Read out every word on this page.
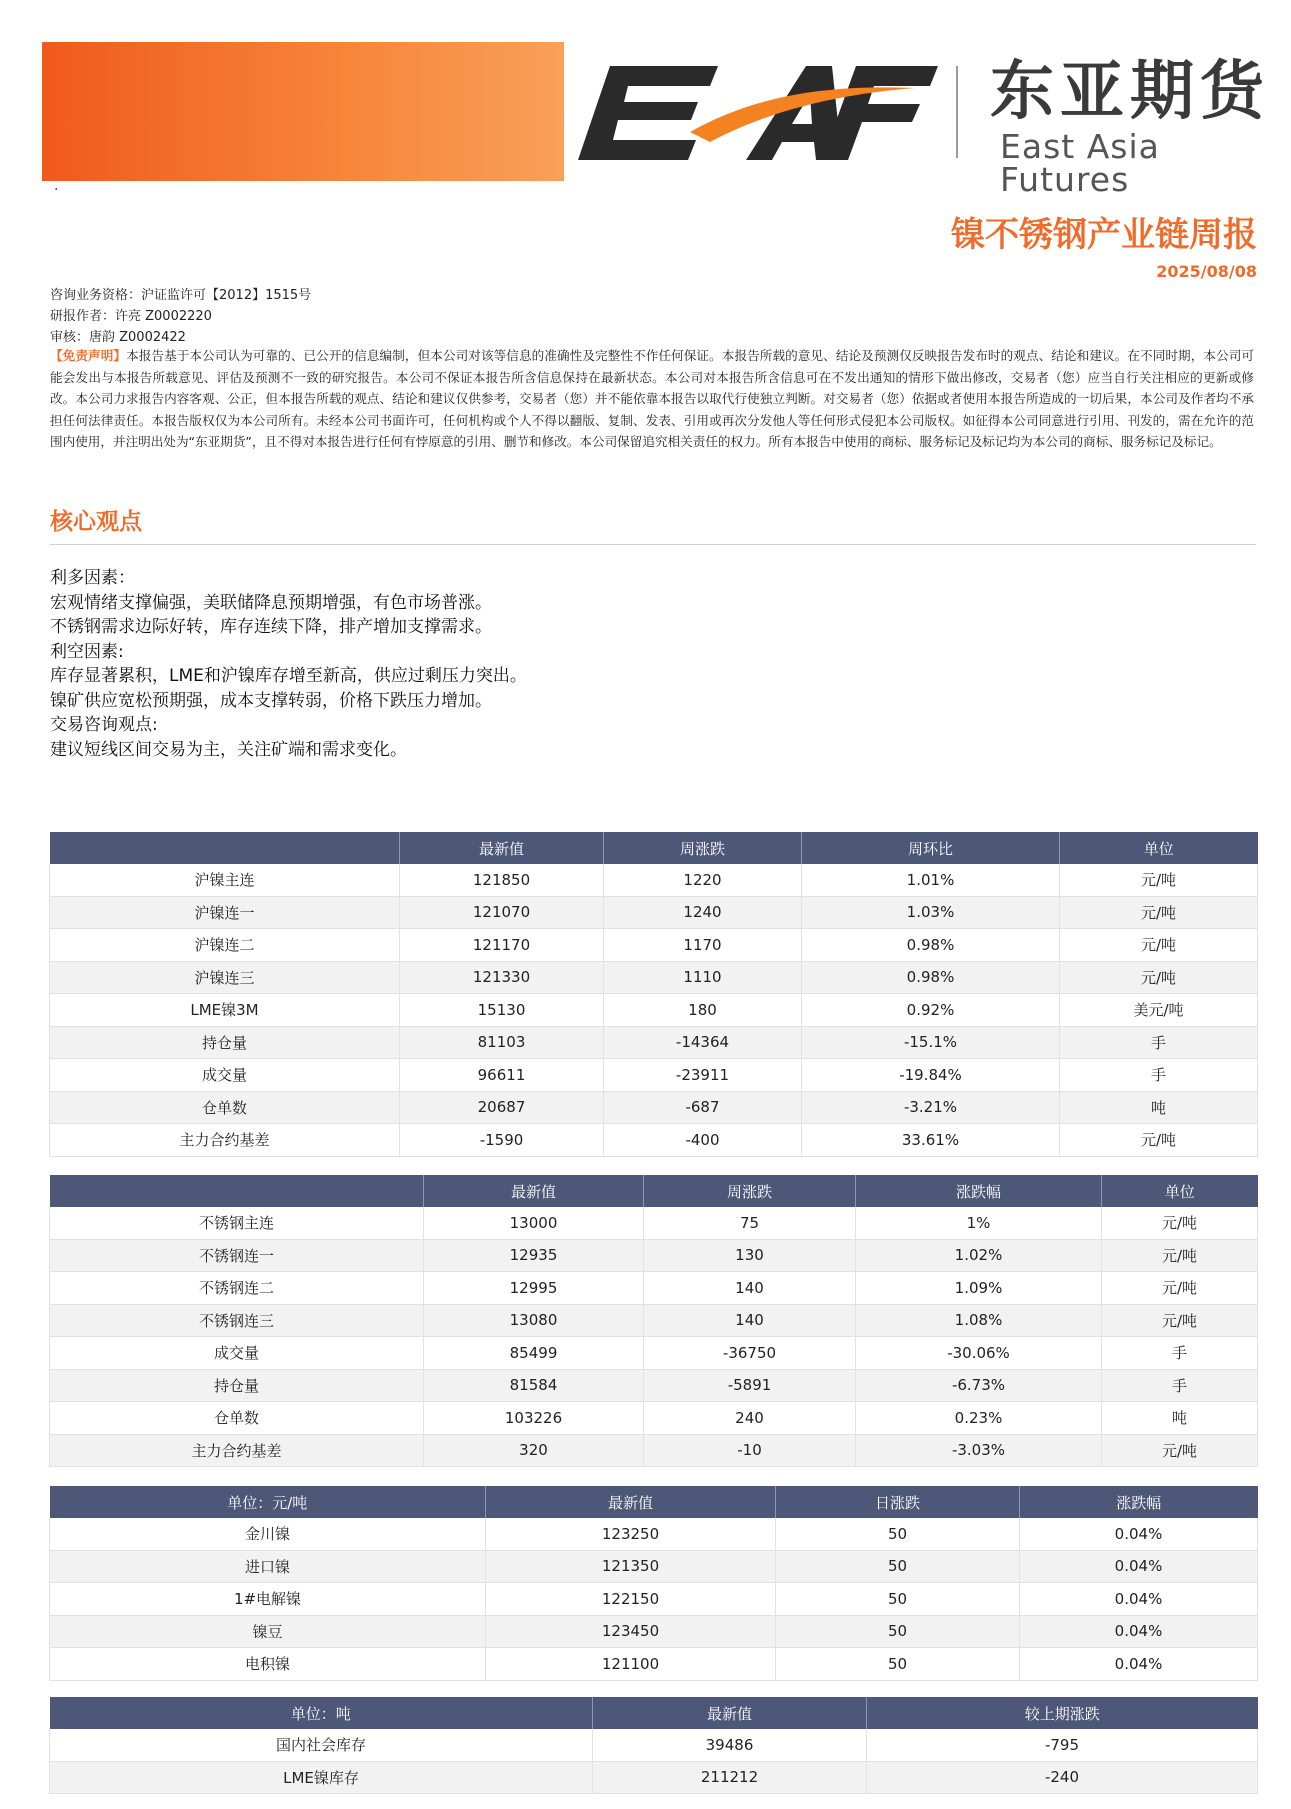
东亚期货
East Asia Futures
·
镍不锈钢产业链周报
2025/08/08
咨询业务资格：沪证监许可【2012】1515号
研报作者：许亮 Z0002220
审核：唐韵 Z0002422
【免责声明】本报告基于本公司认为可靠的、已公开的信息编制，但本公司对该等信息的准确性及完整性不作任何保证。本报告所载的意见、结论及预测仅反映报告发布时的观点、结论和建议。在不同时期，本公司可能会发出与本报告所载意见、评估及预测不一致的研究报告。本公司不保证本报告所含信息保持在最新状态。本公司对本报告所含信息可在不发出通知的情形下做出修改，交易者（您）应当自行关注相应的更新或修改。本公司力求报告内容客观、公正，但本报告所载的观点、结论和建议仅供参考，交易者（您）并不能依靠本报告以取代行使独立判断。对交易者（您）依据或者使用本报告所造成的一切后果，本公司及作者均不承担任何法律责任。本报告版权仅为本公司所有。未经本公司书面许可，任何机构或个人不得以翻版、复制、发表、引用或再次分发他人等任何形式侵犯本公司版权。如征得本公司同意进行引用、刊发的，需在允许的范围内使用，并注明出处为“东亚期货”，且不得对本报告进行任何有悖原意的引用、删节和修改。本公司保留追究相关责任的权力。所有本报告中使用的商标、服务标记及标记均为本公司的商标、服务标记及标记。
核心观点
利多因素：
宏观情绪支撑偏强，美联储降息预期增强，有色市场普涨。
不锈钢需求边际好转，库存连续下降，排产增加支撑需求。
利空因素:
库存显著累积，LME和沪镍库存增至新高，供应过剩压力突出。
镍矿供应宽松预期强，成本支撑转弱，价格下跌压力增加。
交易咨询观点:
建议短线区间交易为主，关注矿端和需求变化。
	最新值	周涨跌	周环比	单位
沪镍主连	121850	1220	1.01%	元/吨
沪镍连一	121070	1240	1.03%	元/吨
沪镍连二	121170	1170	0.98%	元/吨
沪镍连三	121330	1110	0.98%	元/吨
LME镍3M	15130	180	0.92%	美元/吨
持仓量	81103	-14364	-15.1%	手
成交量	96611	-23911	-19.84%	手
仓单数	20687	-687	-3.21%	吨
主力合约基差	-1590	-400	33.61%	元/吨
	最新值	周涨跌	涨跌幅	单位
不锈钢主连	13000	75	1%	元/吨
不锈钢连一	12935	130	1.02%	元/吨
不锈钢连二	12995	140	1.09%	元/吨
不锈钢连三	13080	140	1.08%	元/吨
成交量	85499	-36750	-30.06%	手
持仓量	81584	-5891	-6.73%	手
仓单数	103226	240	0.23%	吨
主力合约基差	320	-10	-3.03%	元/吨
单位：元/吨	最新值	日涨跌	涨跌幅
金川镍	123250	50	0.04%
进口镍	121350	50	0.04%
1#电解镍	122150	50	0.04%
镍豆	123450	50	0.04%
电积镍	121100	50	0.04%
单位：吨	最新值	较上期涨跌
国内社会库存	39486	-795
LME镍库存	211212	-240
